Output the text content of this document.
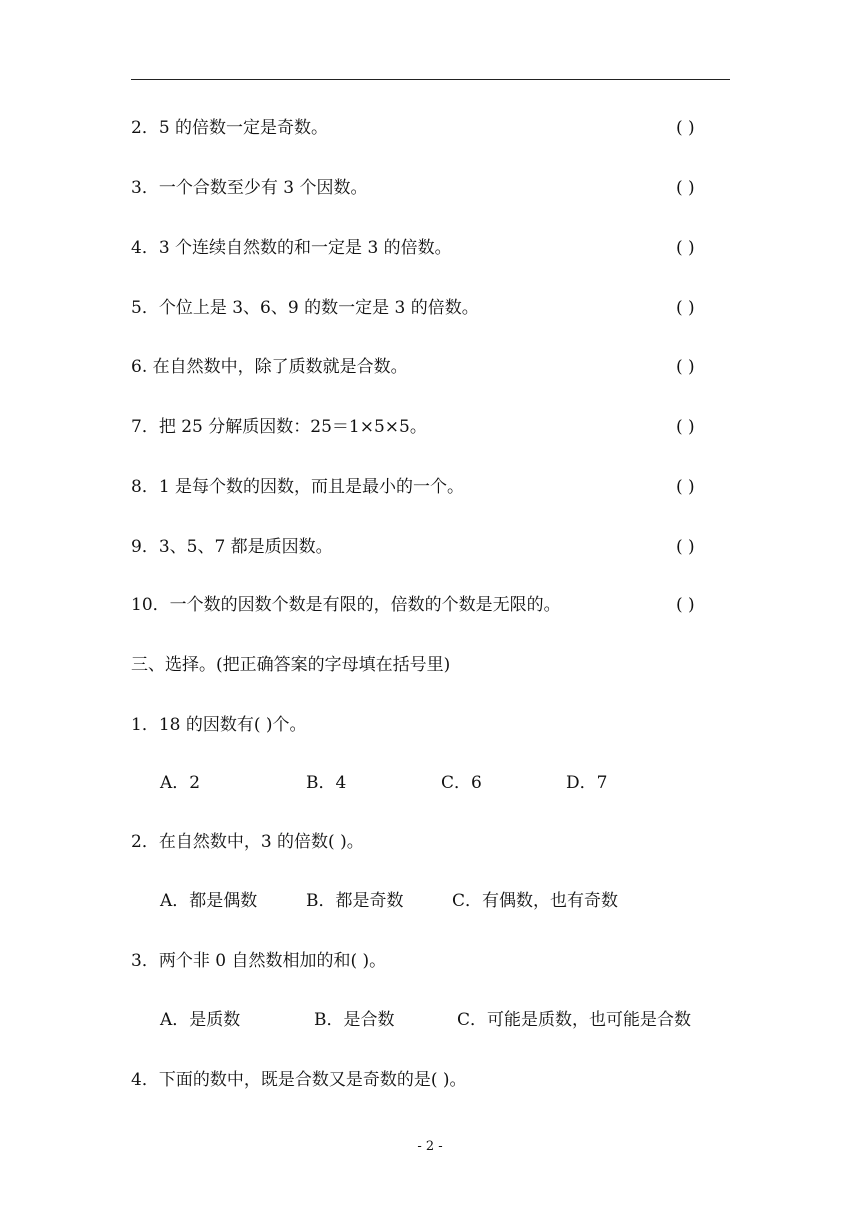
2．5 的倍数一定是奇数。	( )
3．一个合数至少有 3 个因数。	( )
4．3 个连续自然数的和一定是 3 的倍数。	( )
5．个位上是 3、6、9 的数一定是 3 的倍数。	( )
6. 在自然数中，除了质数就是合数。	( )
7．把 25 分解质因数：25＝1×5×5。	( )
8．1 是每个数的因数，而且是最小的一个。	( )
9．3、5、7 都是质因数。	( )
10．一个数的因数个数是有限的，倍数的个数是无限的。	( )
三、选择。(把正确答案的字母填在括号里)
1．18 的因数有( )个。
A．2	B．4	C．6	D．7
2．在自然数中，3 的倍数( )。
A．都是偶数	B．都是奇数	C．有偶数，也有奇数
3．两个非 0 自然数相加的和( )。
A．是质数	B．是合数	C．可能是质数，也可能是合数
4．下面的数中，既是合数又是奇数的是( )。
- 2 -
